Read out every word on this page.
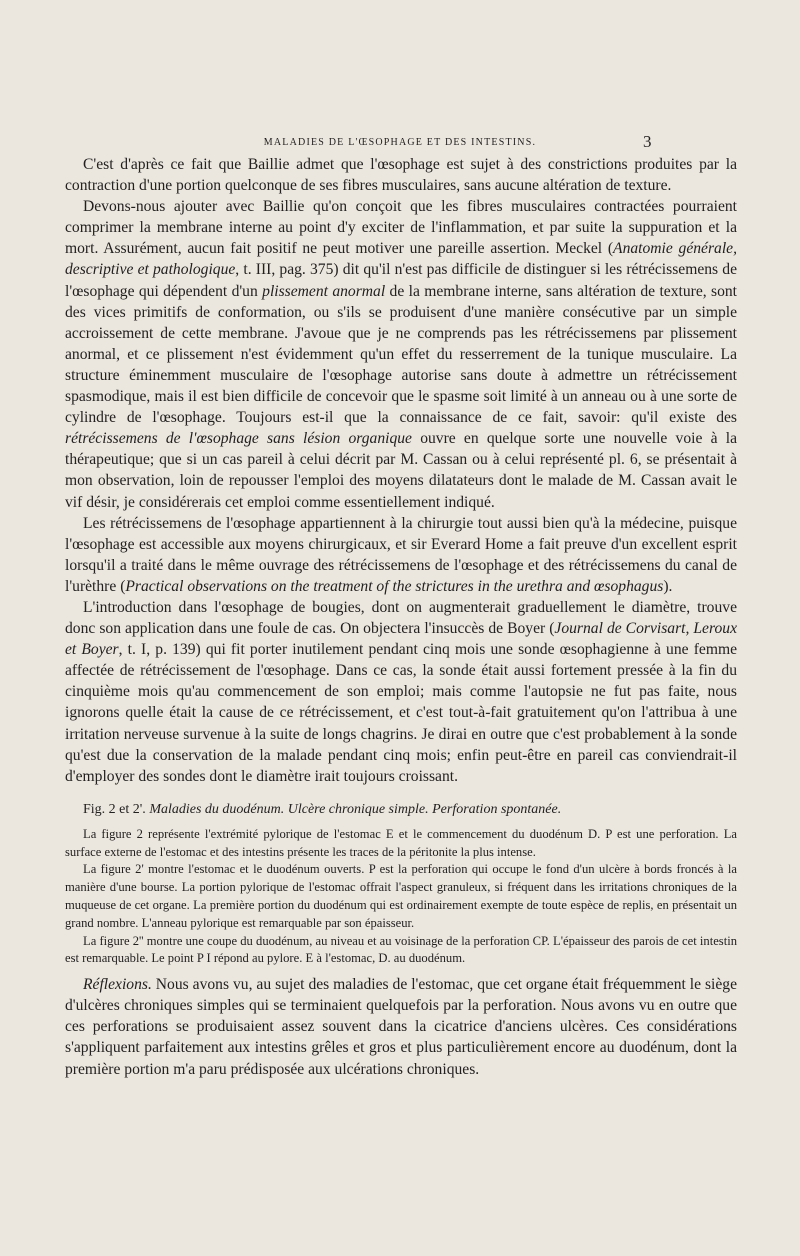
MALADIES DE L'ŒSOPHAGE ET DES INTESTINS.	3

C'est d'après ce fait que Baillie admet que l'œsophage est sujet à des constrictions produites par la contraction d'une portion quelconque de ses fibres musculaires, sans aucune altération de texture.

Devons-nous ajouter avec Baillie qu'on conçoit que les fibres musculaires contractées pourraient comprimer la membrane interne au point d'y exciter de l'inflammation, et par suite la suppuration et la mort. Assurément, aucun fait positif ne peut motiver une pareille assertion. Meckel (Anatomie générale, descriptive et pathologique, t. III, pag. 375) dit qu'il n'est pas difficile de distinguer si les rétrécissemens de l'œsophage qui dépendent d'un plissement anormal de la membrane interne, sans altération de texture, sont des vices primitifs de conformation, ou s'ils se produisent d'une manière consécutive par un simple accroissement de cette membrane. J'avoue que je ne comprends pas les rétrécissemens par plissement anormal, et ce plissement n'est évidemment qu'un effet du resserrement de la tunique musculaire. La structure éminemment musculaire de l'œsophage autorise sans doute à admettre un rétrécissement spasmodique, mais il est bien difficile de concevoir que le spasme soit limité à un anneau ou à une sorte de cylindre de l'œsophage. Toujours est-il que la connaissance de ce fait, savoir: qu'il existe des rétrécissemens de l'œsophage sans lésion organique ouvre en quelque sorte une nouvelle voie à la thérapeutique; que si un cas pareil à celui décrit par M. Cassan ou à celui représenté pl. 6, se présentait à mon observation, loin de repousser l'emploi des moyens dilatateurs dont le malade de M. Cassan avait le vif désir, je considérerais cet emploi comme essentiellement indiqué.

Les rétrécissemens de l'œsophage appartiennent à la chirurgie tout aussi bien qu'à la médecine, puisque l'œsophage est accessible aux moyens chirurgicaux, et sir Everard Home a fait preuve d'un excellent esprit lorsqu'il a traité dans le même ouvrage des rétrécissemens de l'œsophage et des rétrécissemens du canal de l'urèthre (Practical observations on the treatment of the strictures in the urethra and œsophagus).

L'introduction dans l'œsophage de bougies, dont on augmenterait graduellement le diamètre, trouve donc son application dans une foule de cas. On objectera l'insuccès de Boyer (Journal de Corvisart, Leroux et Boyer, t. I, p. 139) qui fit porter inutilement pendant cinq mois une sonde œsophagienne à une femme affectée de rétrécissement de l'œsophage. Dans ce cas, la sonde était aussi fortement pressée à la fin du cinquième mois qu'au commencement de son emploi; mais comme l'autopsie ne fut pas faite, nous ignorons quelle était la cause de ce rétrécissement, et c'est tout-à-fait gratuitement qu'on l'attribua à une irritation nerveuse survenue à la suite de longs chagrins. Je dirai en outre que c'est probablement à la sonde qu'est due la conservation de la malade pendant cinq mois; enfin peut-être en pareil cas conviendrait-il d'employer des sondes dont le diamètre irait toujours croissant.

Fig. 2 et 2'. Maladies du duodénum. Ulcère chronique simple. Perforation spontanée.

La figure 2 représente l'extrémité pylorique de l'estomac E et le commencement du duodénum D. P est une perforation. La surface externe de l'estomac et des intestins présente les traces de la péritonite la plus intense.

La figure 2' montre l'estomac et le duodénum ouverts. P est la perforation qui occupe le fond d'un ulcère à bords froncés à la manière d'une bourse. La portion pylorique de l'estomac offrait l'aspect granuleux, si fréquent dans les irritations chroniques de la muqueuse de cet organe. La première portion du duodénum qui est ordinairement exempte de toute espèce de replis, en présentait un grand nombre. L'anneau pylorique est remarquable par son épaisseur.

La figure 2'' montre une coupe du duodénum, au niveau et au voisinage de la perforation CP. L'épaisseur des parois de cet intestin est remarquable. Le point P I répond au pylore. E à l'estomac, D. au duodénum.

Réflexions. Nous avons vu, au sujet des maladies de l'estomac, que cet organe était fréquemment le siège d'ulcères chroniques simples qui se terminaient quelquefois par la perforation. Nous avons vu en outre que ces perforations se produisaient assez souvent dans la cicatrice d'anciens ulcères. Ces considérations s'appliquent parfaitement aux intestins grêles et gros et plus particulièrement encore au duodénum, dont la première portion m'a paru prédisposée aux ulcérations chroniques.
